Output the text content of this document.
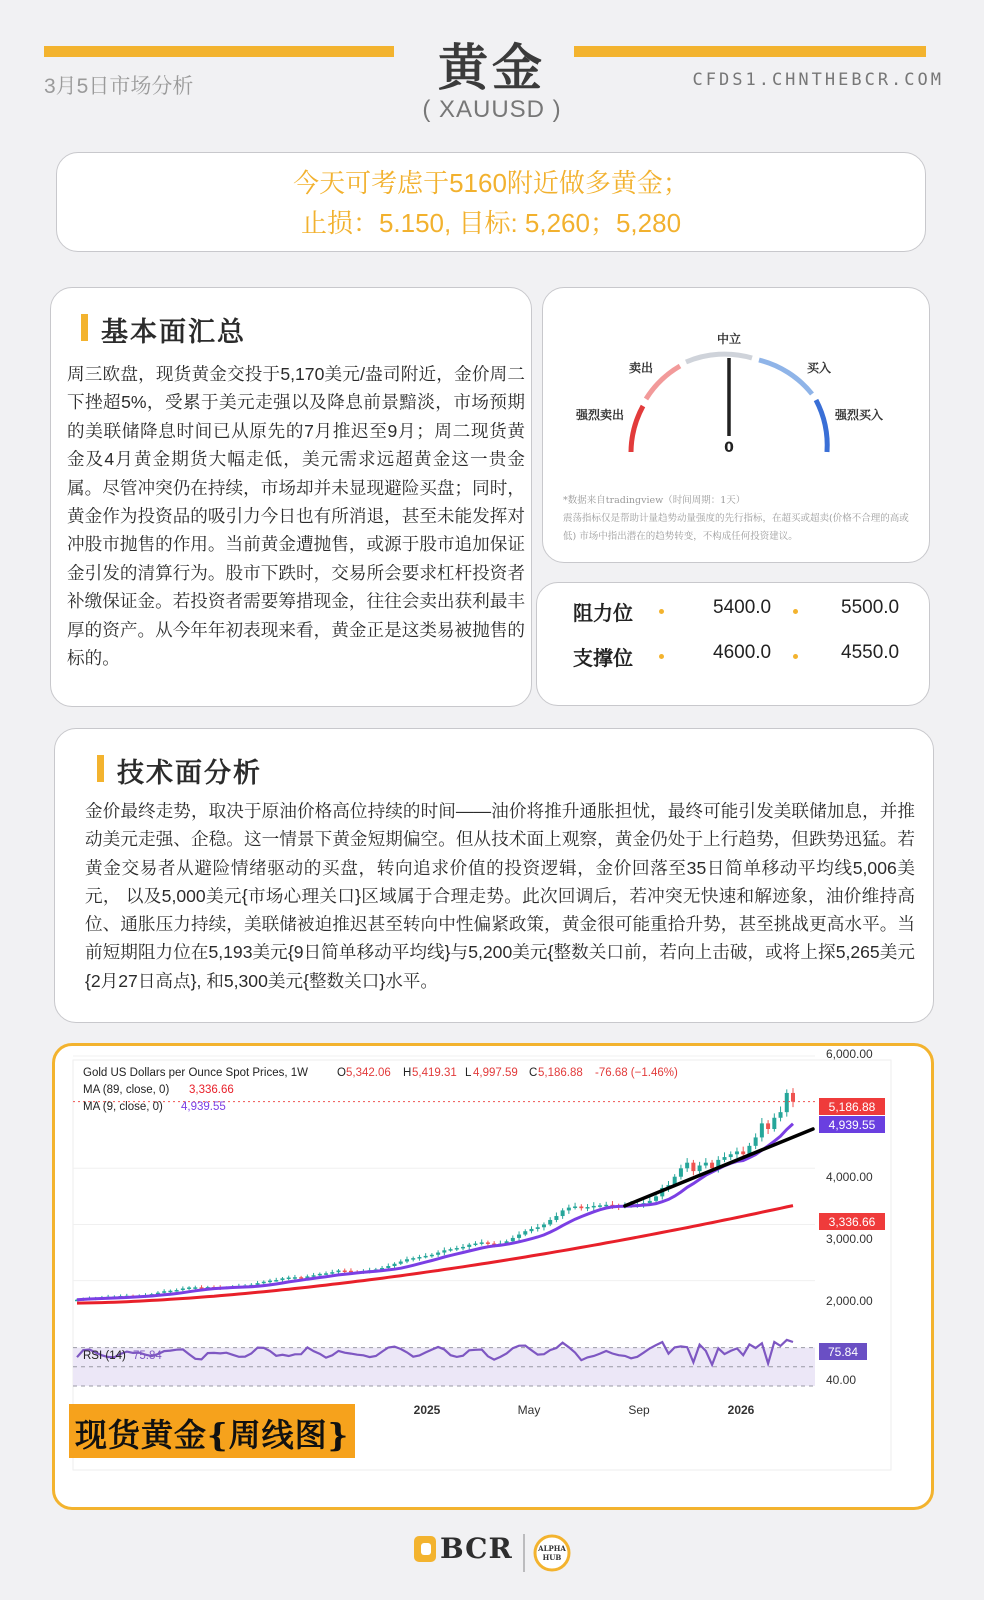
黄金
( XAUUSD )
3月5日市场分析	CFDS1.CHNTHEBCR.COM
今天可考虑于5160附近做多黄金；
止损：5.150, 目标: 5,260；5,280
基本面汇总
周三欧盘，现货黄金交投于5,170美元/盎司附近，金价周二下挫超5%，受累于美元走强以及降息前景黯淡，市场预期的美联储降息时间已从原先的7月推迟至9月；周二现货黄金及4月黄金期货大幅走低，美元需求远超黄金这一贵金属。尽管冲突仍在持续，市场却并未显现避险买盘；同时，黄金作为投资品的吸引力今日也有所消退，甚至未能发挥对冲股市抛售的作用。当前黄金遭抛售，或源于股市追加保证金引发的清算行为。股市下跌时，交易所会要求杠杆投资者补缴保证金。若投资者需要筹措现金，往往会卖出获利最丰厚的资产。从今年年初表现来看，黄金正是这类易被抛售的标的。
中立
卖出	买入
强烈卖出	强烈买入
0
*数据来自tradingview（时间周期：1天）
震荡指标仅是帮助计量趋势动量强度的先行指标，在超买或超卖(价格不合理的高或低) 市场中指出潜在的趋势转变，不构成任何投资建议。
阻力位	5400.0	5500.0
支撑位	4600.0	4550.0
技术面分析
金价最终走势，取决于原油价格高位持续的时间——油价将推升通胀担忧，最终可能引发美联储加息，并推动美元走强、企稳。这一情景下黄金短期偏空。但从技术面上观察，黄金仍处于上行趋势，但跌势迅猛。若黄金交易者从避险情绪驱动的买盘，转向追求价值的投资逻辑，金价回落至35日简单移动平均线5,006美元， 以及5,000美元{市场心理关口}区域属于合理走势。此次回调后，若冲突无快速和解迹象，油价维持高位、通胀压力持续，美联储被迫推迟甚至转向中性偏紧政策，黄金很可能重拾升势，甚至挑战更高水平。当前短期阻力位在5,193美元{9日简单移动平均线}与5,200美元{整数关口前，若向上击破，或将上探5,265美元{2月27日高点}, 和5,300美元{整数关口}水平。
Gold US Dollars per Ounce Spot Prices, 1W	O 5,342.06 H 5,419.31 L 4,997.59 C 5,186.88 -76.68 (−1.46%)
MA (89, close, 0) 3,336.66
MA (9, close, 0) 4,939.55
RSI (14) 75.84
6,000.00
4,000.00
3,000.00
2,000.00
40.00
5,186.88
4,939.55
3,336.66
75.84
2025	May	Sep	2026
现货黄金{周线图}
BCR	ALPHA
HUB
